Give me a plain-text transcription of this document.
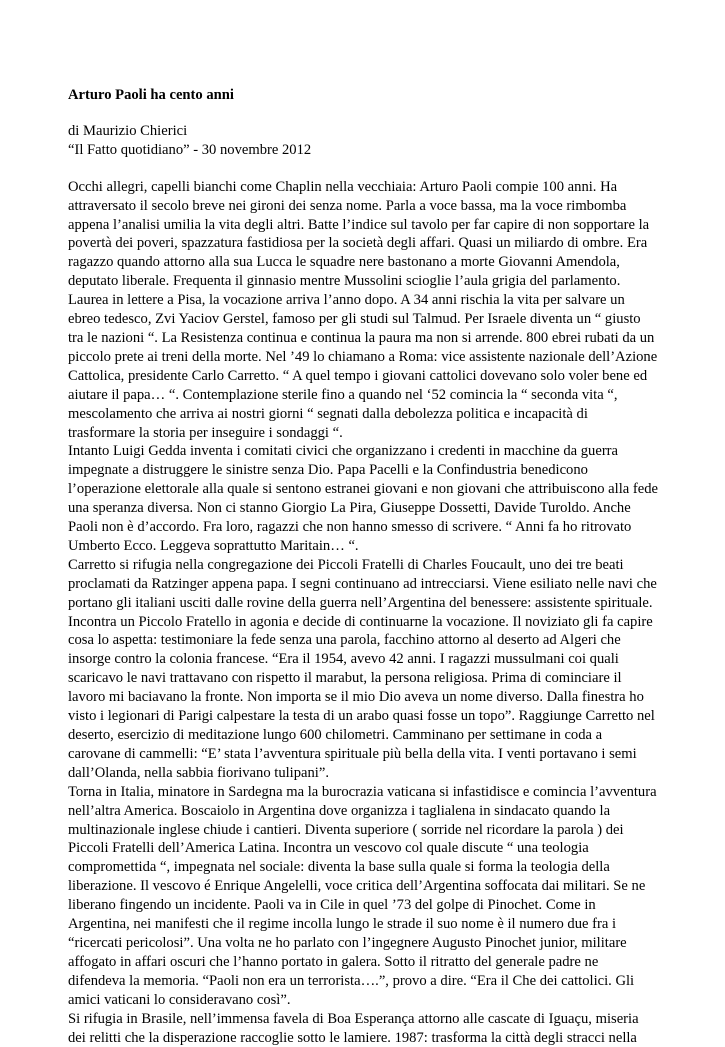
Arturo Paoli ha cento anni

di Maurizio Chierici

“Il Fatto quotidiano” - 30 novembre 2012

Occhi allegri, capelli bianchi come Chaplin nella vecchiaia: Arturo Paoli compie 100 anni. Ha attraversato il secolo breve nei gironi dei senza nome. Parla a voce bassa, ma la voce rimbomba appena l’analisi umilia la vita degli altri. Batte l’indice sul tavolo per far capire di non sopportare la povertà dei poveri, spazzatura fastidiosa per la società degli affari. Quasi un miliardo di ombre. Era ragazzo quando attorno alla sua Lucca le squadre nere bastonano a morte Giovanni Amendola, deputato liberale. Frequenta il ginnasio mentre Mussolini scioglie l’aula grigia del parlamento. Laurea in lettere a Pisa, la vocazione arriva l’anno dopo. A 34 anni rischia la vita per salvare un ebreo tedesco, Zvi Yaciov Gerstel, famoso per gli studi sul Talmud. Per Israele diventa un “ giusto tra le nazioni “. La Resistenza continua e continua la paura ma non si arrende. 800 ebrei rubati da un piccolo prete ai treni della morte. Nel ’49 lo chiamano a Roma: vice assistente nazionale dell’Azione Cattolica, presidente Carlo Carretto. “ A quel tempo i giovani cattolici dovevano solo voler bene ed aiutare il papa… “. Contemplazione sterile fino a quando nel ‘52 comincia la “ seconda vita “, mescolamento che arriva ai nostri giorni “ segnati dalla debolezza politica e incapacità di trasformare la storia per inseguire i sondaggi “.

Intanto Luigi Gedda inventa i comitati civici che organizzano i credenti in macchine da guerra impegnate a distruggere le sinistre senza Dio. Papa Pacelli e la Confindustria benedicono l’operazione elettorale alla quale si sentono estranei giovani e non giovani che attribuiscono alla fede una speranza diversa. Non ci stanno Giorgio La Pira, Giuseppe Dossetti, Davide Turoldo. Anche Paoli non è d’accordo. Fra loro, ragazzi che non hanno smesso di scrivere. “ Anni fa ho ritrovato Umberto Ecco. Leggeva soprattutto Maritain… “.

Carretto si rifugia nella congregazione dei Piccoli Fratelli di Charles Foucault, uno dei tre beati proclamati da Ratzinger appena papa. I segni continuano ad intrecciarsi. Viene esiliato nelle navi che portano gli italiani usciti dalle rovine della guerra nell’Argentina del benessere: assistente spirituale. Incontra un Piccolo Fratello in agonia e decide di continuarne la vocazione. Il noviziato gli fa capire cosa lo aspetta: testimoniare la fede senza una parola, facchino attorno al deserto ad Algeri che insorge contro la colonia francese. “Era il 1954, avevo 42 anni. I ragazzi mussulmani coi quali scaricavo le navi trattavano con rispetto il marabut, la persona religiosa. Prima di cominciare il lavoro mi baciavano la fronte. Non importa se il mio Dio aveva un nome diverso. Dalla finestra ho visto i legionari di Parigi calpestare la testa di un arabo quasi fosse un topo”. Raggiunge Carretto nel deserto, esercizio di meditazione lungo 600 chilometri. Camminano per settimane in coda a carovane di cammelli: “E’ stata l’avventura spirituale più bella della vita. I venti portavano i semi dall’Olanda, nella sabbia fiorivano tulipani”.

Torna in Italia, minatore in Sardegna ma la burocrazia vaticana si infastidisce e comincia l’avventura nell’altra America. Boscaiolo in Argentina dove organizza i taglialena in sindacato quando la multinazionale inglese chiude i cantieri. Diventa superiore ( sorride nel ricordare la parola ) dei Piccoli Fratelli dell’America Latina. Incontra un vescovo col quale discute “ una teologia compromettida “, impegnata nel sociale: diventa la base sulla quale si forma la teologia della liberazione. Il vescovo é Enrique Angelelli, voce critica dell’Argentina soffocata dai militari. Se ne liberano fingendo un incidente. Paoli va in Cile in quel ’73 del golpe di Pinochet. Come in Argentina, nei manifesti che il regime incolla lungo le strade il suo nome è il numero due fra i “ricercati pericolosi”. Una volta ne ho parlato con l’ingegnere Augusto Pinochet junior, militare affogato in affari oscuri che l’hanno portato in galera. Sotto il ritratto del generale padre ne difendeva la memoria. “Paoli non era un terrorista….”, provo a dire. “Era il Che dei cattolici. Gli amici vaticani lo consideravano così”.

Si rifugia in Brasile, nell’immensa favela di Boa Esperança attorno alle cascate di Iguaçu, miseria dei relitti che la disperazione raccoglie sotto le lamiere. 1987: trasforma la città degli stracci nella
